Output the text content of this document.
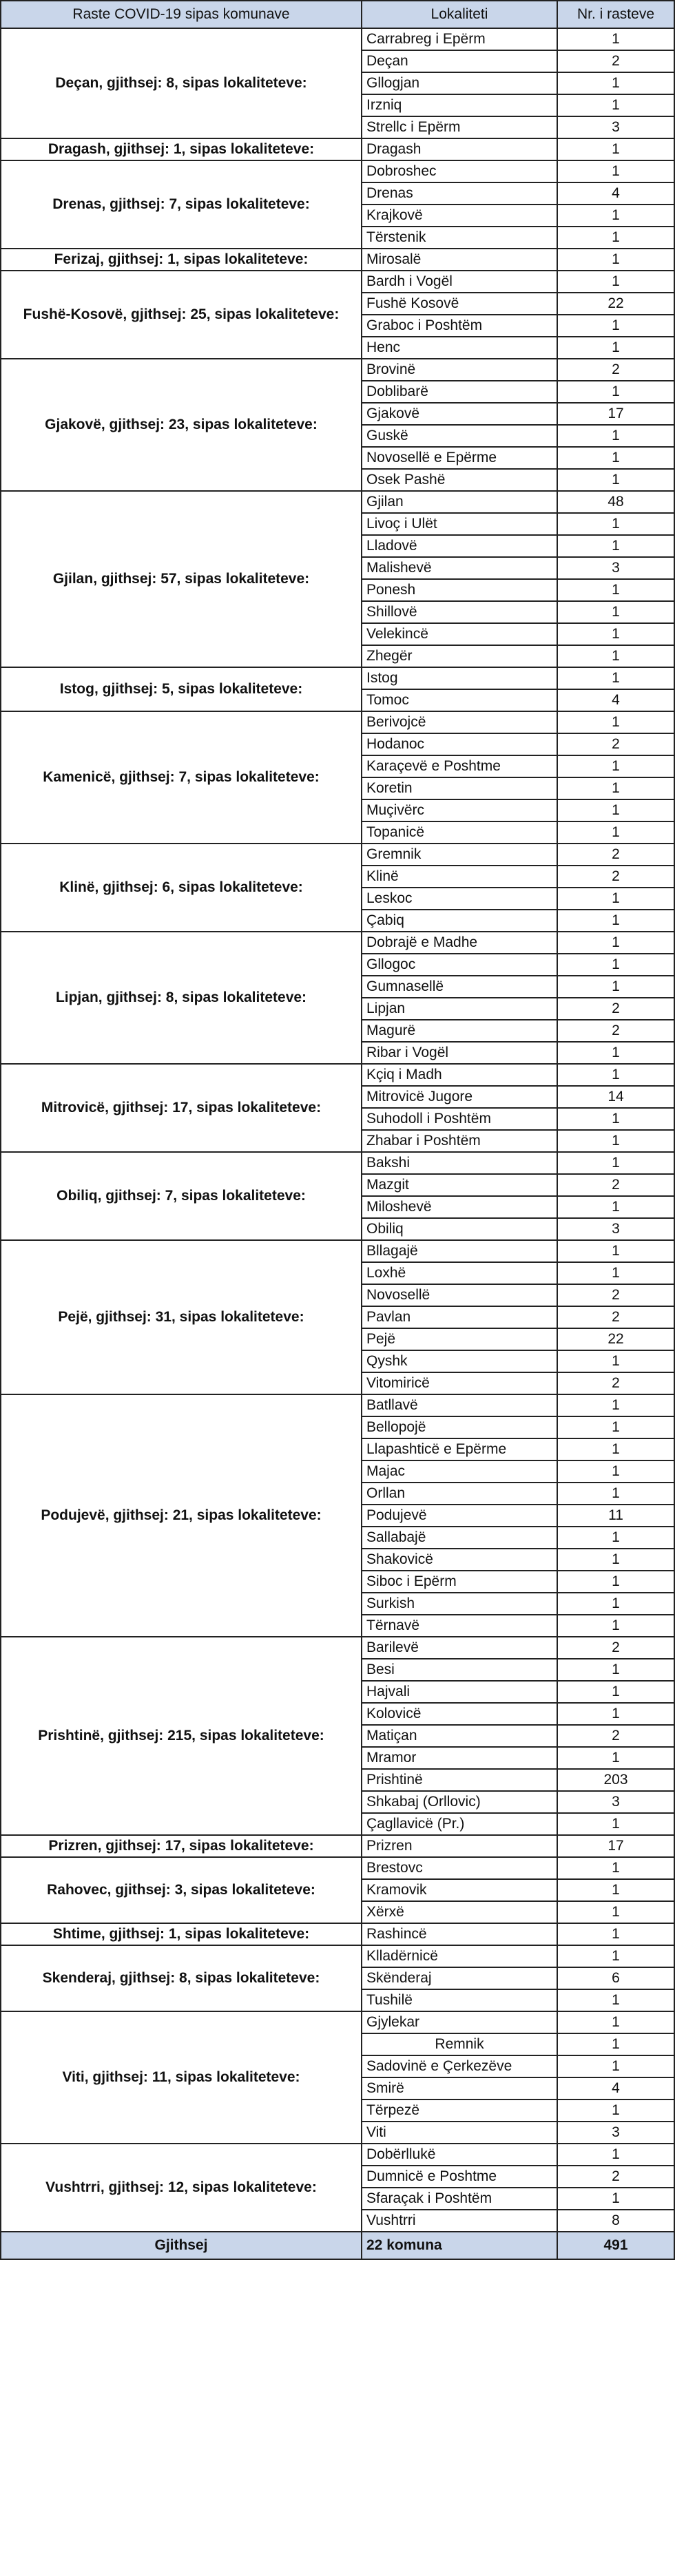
Raste COVID-19 sipas komunave	Lokaliteti	Nr. i rasteve
Deçan, gjithsej: 8, sipas lokaliteteve:	Carrabreg i Epërm	1
	Deçan	2
	Gllogjan	1
	Irzniq	1
	Strellc i Epërm	3
Dragash, gjithsej: 1, sipas lokaliteteve:	Dragash	1
Drenas, gjithsej: 7, sipas lokaliteteve:	Dobroshec	1
	Drenas	4
	Krajkovë	1
	Tërstenik	1
Ferizaj, gjithsej: 1, sipas lokaliteteve:	Mirosalë	1
Fushë-Kosovë, gjithsej: 25, sipas lokaliteteve:	Bardh i Vogël	1
	Fushë Kosovë	22
	Graboc i Poshtëm	1
	Henc	1
Gjakovë, gjithsej: 23, sipas lokaliteteve:	Brovinë	2
	Doblibarë	1
	Gjakovë	17
	Guskë	1
	Novosellë e Epërme	1
	Osek Pashë	1
Gjilan, gjithsej: 57, sipas lokaliteteve:	Gjilan	48
	Livoç i Ulët	1
	Lladovë	1
	Malishevë	3
	Ponesh	1
	Shillovë	1
	Velekincë	1
	Zhegër	1
Istog, gjithsej: 5, sipas lokaliteteve:	Istog	1
	Tomoc	4
Kamenicë, gjithsej: 7, sipas lokaliteteve:	Berivojcë	1
	Hodanoc	2
	Karaçevë e Poshtme	1
	Koretin	1
	Muçivërc	1
	Topanicë	1
Klinë, gjithsej: 6, sipas lokaliteteve:	Gremnik	2
	Klinë	2
	Leskoc	1
	Çabiq	1
Lipjan, gjithsej: 8, sipas lokaliteteve:	Dobrajë e Madhe	1
	Gllogoc	1
	Gumnasellë	1
	Lipjan	2
	Magurë	2
	Ribar i Vogël	1
Mitrovicë, gjithsej: 17, sipas lokaliteteve:	Kçiq i Madh	1
	Mitrovicë Jugore	14
	Suhodoll i Poshtëm	1
	Zhabar i Poshtëm	1
Obiliq, gjithsej: 7, sipas lokaliteteve:	Bakshi	1
	Mazgit	2
	Miloshevë	1
	Obiliq	3
Pejë, gjithsej: 31, sipas lokaliteteve:	Bllagajë	1
	Loxhë	1
	Novosellë	2
	Pavlan	2
	Pejë	22
	Qyshk	1
	Vitomiricë	2
Podujevë, gjithsej: 21, sipas lokaliteteve:	Batllavë	1
	Bellopojë	1
	Llapashticë e Epërme	1
	Majac	1
	Orllan	1
	Podujevë	11
	Sallabajë	1
	Shakovicë	1
	Siboc i Epërm	1
	Surkish	1
	Tërnavë	1
Prishtinë, gjithsej: 215, sipas lokaliteteve:	Barilevë	2
	Besi	1
	Hajvali	1
	Kolovicë	1
	Matiçan	2
	Mramor	1
	Prishtinë	203
	Shkabaj (Orllovic)	3
	Çagllavicë (Pr.)	1
Prizren, gjithsej: 17, sipas lokaliteteve:	Prizren	17
Rahovec, gjithsej: 3, sipas lokaliteteve:	Brestovc	1
	Kramovik	1
	Xërxë	1
Shtime, gjithsej: 1, sipas lokaliteteve:	Rashincë	1
Skenderaj, gjithsej: 8, sipas lokaliteteve:	Klladërnicë	1
	Skënderaj	6
	Tushilë	1
Viti, gjithsej: 11, sipas lokaliteteve:	Gjylekar	1
	Remnik	1
	Sadovinë e Çerkezëve	1
	Smirë	4
	Tërpezë	1
	Viti	3
Vushtrri, gjithsej: 12, sipas lokaliteteve:	Dobërllukë	1
	Dumnicë e Poshtme	2
	Sfaraçak i Poshtëm	1
	Vushtrri	8
Gjithsej	22 komuna	491
